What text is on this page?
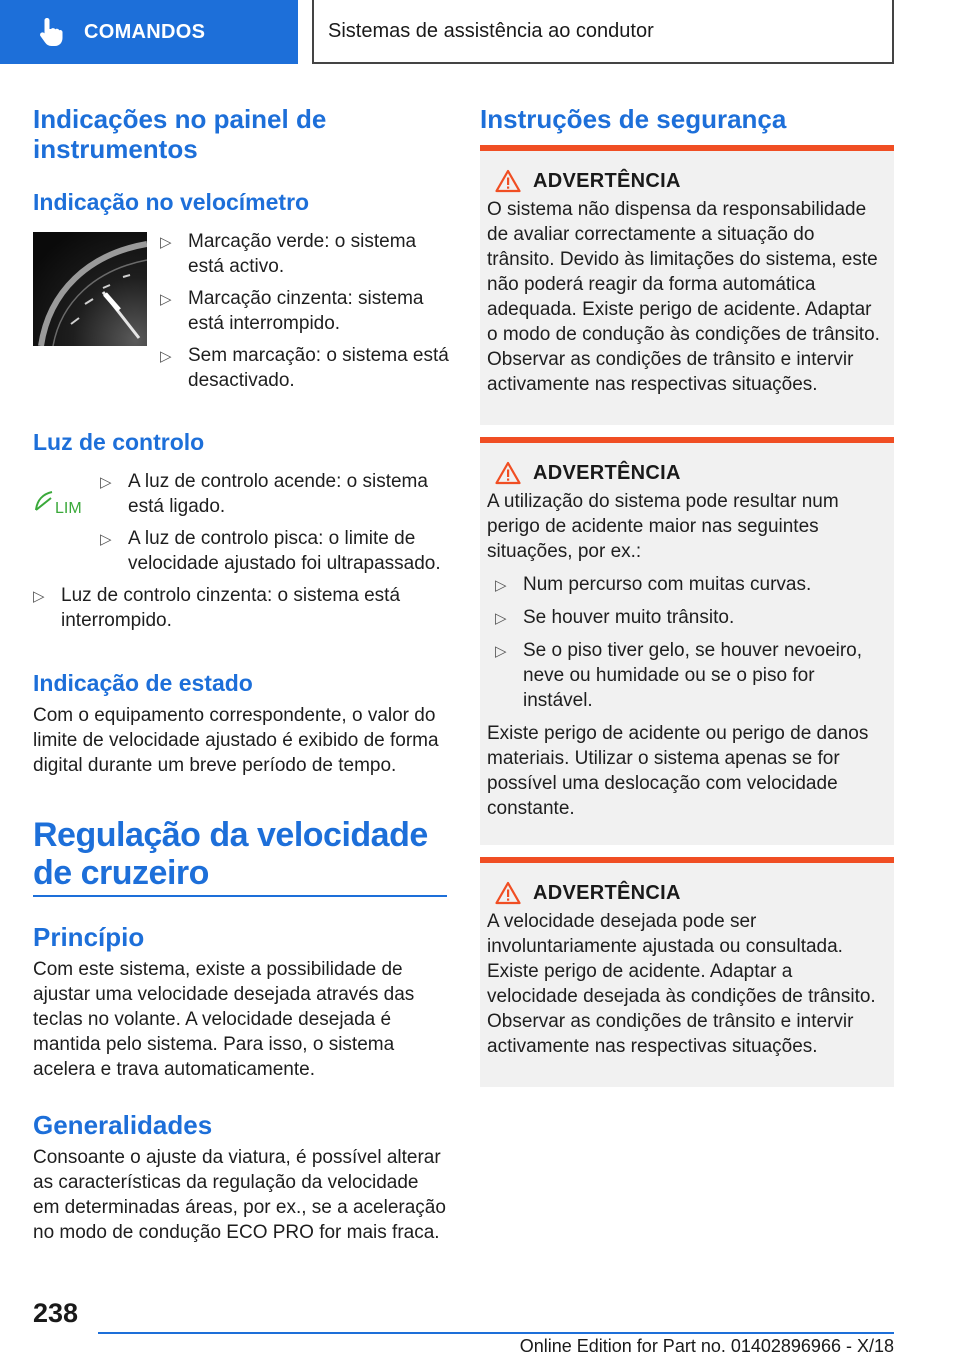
COMANDOS	Sistemas de assistência ao condutor
Indicações no painel de instrumentos
Indicação no velocímetro
▷ Marcação verde: o sistema está activo.
▷ Marcação cinzenta: sistema está interrompido.
▷ Sem marcação: o sistema está desactivado.
Luz de controlo
LIM
▷ A luz de controlo acende: o sistema está ligado.
▷ A luz de controlo pisca: o limite de velocidade ajustado foi ultrapassado.
▷ Luz de controlo cinzenta: o sistema está interrompido.
Indicação de estado

Com o equipamento correspondente, o valor do limite de velocidade ajustado é exibido de forma digital durante um breve período de tempo.

Regulação da velocidade de cruzeiro
Princípio

Com este sistema, existe a possibilidade de ajustar uma velocidade desejada através das teclas no volante. A velocidade desejada é mantida pelo sistema. Para isso, o sistema acelera e trava automaticamente.

Generalidades

Consoante o ajuste da viatura, é possível alterar as características da regulação da velocidade em determinadas áreas, por ex., se a aceleração no modo de condução ECO PRO for mais fraca.

Instruções de segurança
ADVERTÊNCIA

O sistema não dispensa da responsabilidade de avaliar correctamente a situação do trânsito. Devido às limitações do sistema, este não poderá reagir da forma automática adequada. Existe perigo de acidente. Adaptar o modo de condução às condições de trânsito. Observar as condições de trânsito e intervir activamente nas respectivas situações.

ADVERTÊNCIA

A utilização do sistema pode resultar num perigo de acidente maior nas seguintes situações, por ex.:

▷ Num percurso com muitas curvas.
▷ Se houver muito trânsito.
▷ Se o piso tiver gelo, se houver nevoeiro, neve ou humidade ou se o piso for instável.

Existe perigo de acidente ou perigo de danos materiais. Utilizar o sistema apenas se for possível uma deslocação com velocidade constante.

ADVERTÊNCIA

A velocidade desejada pode ser involuntariamente ajustada ou consultada. Existe perigo de acidente. Adaptar a velocidade desejada às condições de trânsito. Observar as condições de trânsito e intervir activamente nas respectivas situações.

238
Online Edition for Part no. 01402896966 - X/18
